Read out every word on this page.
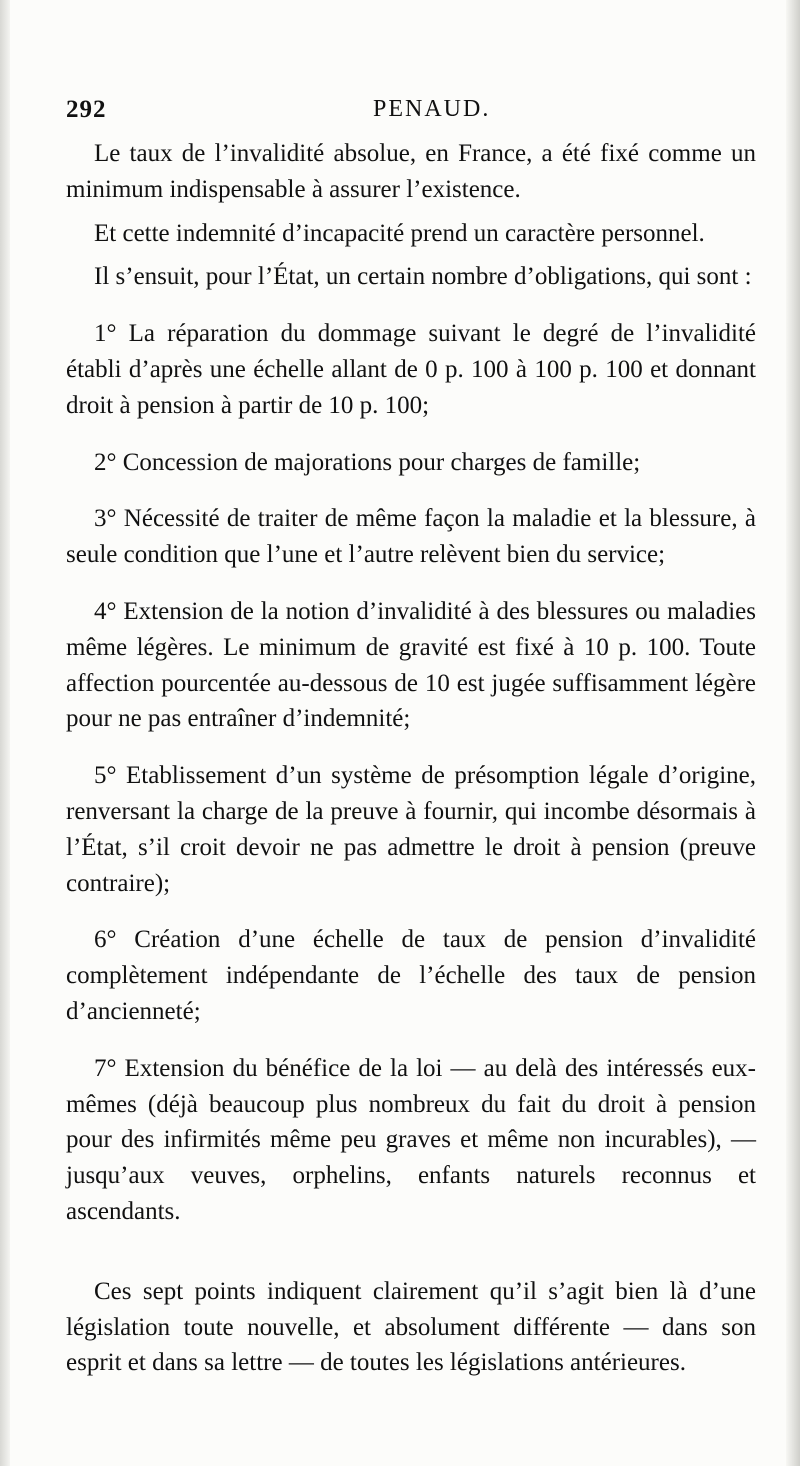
292	PENAUD.

Le taux de l’invalidité absolue, en France, a été fixé comme un minimum indispensable à assurer l’existence.

Et cette indemnité d’incapacité prend un caractère personnel.

Il s’ensuit, pour l’État, un certain nombre d’obligations, qui sont :

1° La réparation du dommage suivant le degré de l’invalidité établi d’après une échelle allant de 0 p. 100 à 100 p. 100 et donnant droit à pension à partir de 10 p. 100;

2° Concession de majorations pour charges de famille;

3° Nécessité de traiter de même façon la maladie et la blessure, à seule condition que l’une et l’autre relèvent bien du service;

4° Extension de la notion d’invalidité à des blessures ou maladies même légères. Le minimum de gravité est fixé à 10 p. 100. Toute affection pourcentée au-dessous de 10 est jugée suffisamment légère pour ne pas entraîner d’indemnité;

5° Etablissement d’un système de présomption légale d’origine, renversant la charge de la preuve à fournir, qui incombe désormais à l’État, s’il croit devoir ne pas admettre le droit à pension (preuve contraire);

6° Création d’une échelle de taux de pension d’invalidité complètement indépendante de l’échelle des taux de pension d’ancienneté;

7° Extension du bénéfice de la loi — au delà des intéressés eux-mêmes (déjà beaucoup plus nombreux du fait du droit à pension pour des infirmités même peu graves et même non incurables), — jusqu’aux veuves, orphelins, enfants naturels reconnus et ascendants.

Ces sept points indiquent clairement qu’il s’agit bien là d’une législation toute nouvelle, et absolument différente — dans son esprit et dans sa lettre — de toutes les législations antérieures.
